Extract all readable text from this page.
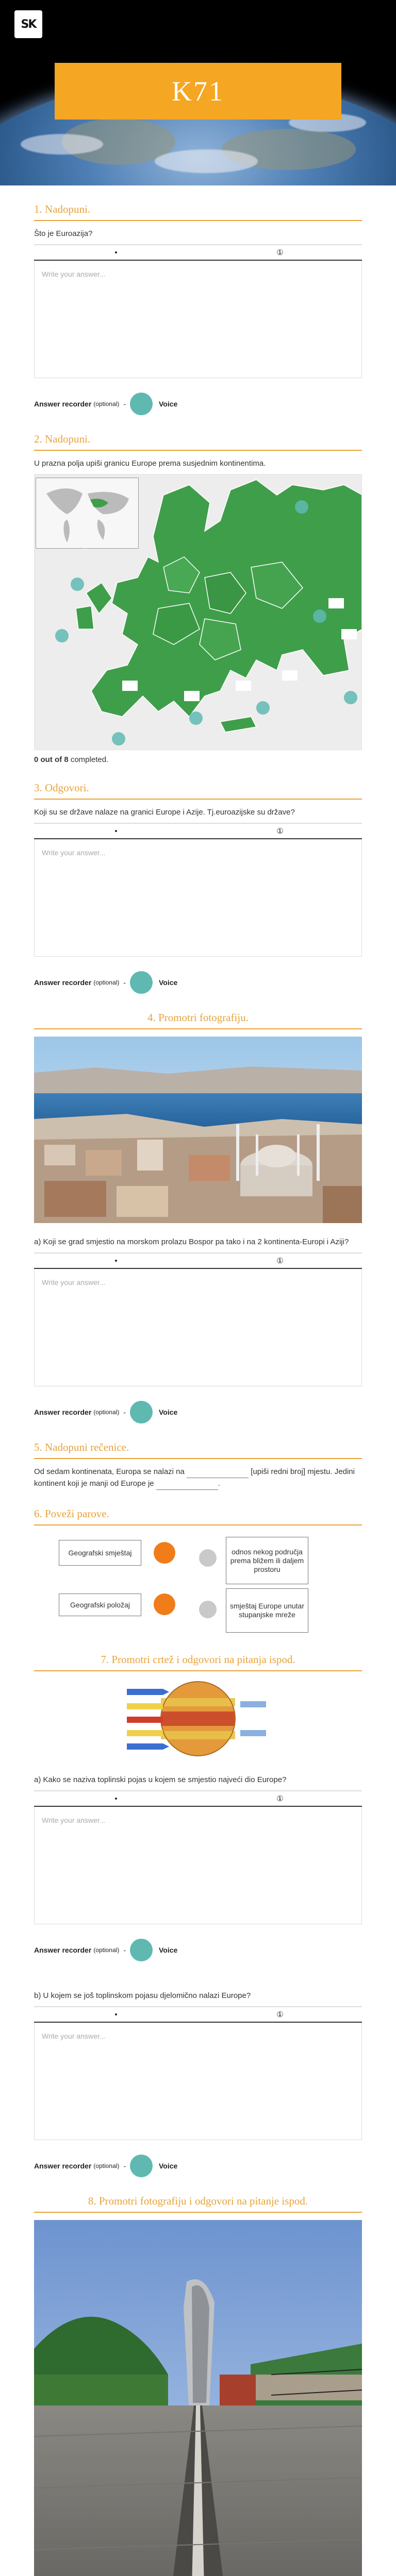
SK
K71
1. Nadopuni.
Što je Euroazija?
•	①
Write your answer...
Answer recorder (optional) -	Voice
2. Nadopuni.
U prazna polja upiši granicu Europe prema susjednim kontinentima.
0 out of 8 completed.
3. Odgovori.
Koji su se države nalaze na granici Europe i Azije. Tj.euroazijske su države?
•	①
Write your answer...
Answer recorder (optional) -	Voice
4. Promotri fotografiju.
a) Koji se grad smjestio na morskom prolazu Bospor pa tako i na 2 kontinenta-Europi i Aziji?
•	①
Write your answer...
Answer recorder (optional) -	Voice
5. Nadopuni rečenice.
Od sedam kontinenata, Europa se nalazi na	[upiši redni broj] mjestu. Jedini kontinent koji je manji od Europe je	.
6. Poveži parove.
Geografski smještaj
Geografski položaj
odnos nekog područja prema bližem ili daljem prostoru
smještaj Europe unutar stupanjske mreže
7. Promotri crtež i odgovori na pitanja ispod.
a) Kako se naziva toplinski pojas u kojem se smjestio najveći dio Europe?
•	①
Write your answer...
Answer recorder (optional) -	Voice
b) U kojem se još toplinskom pojasu djelomično nalazi Europe?
•	①
Write your answer...
Answer recorder (optional) -	Voice
8. Promotri fotografiju i odgovori na pitanje ispod.
